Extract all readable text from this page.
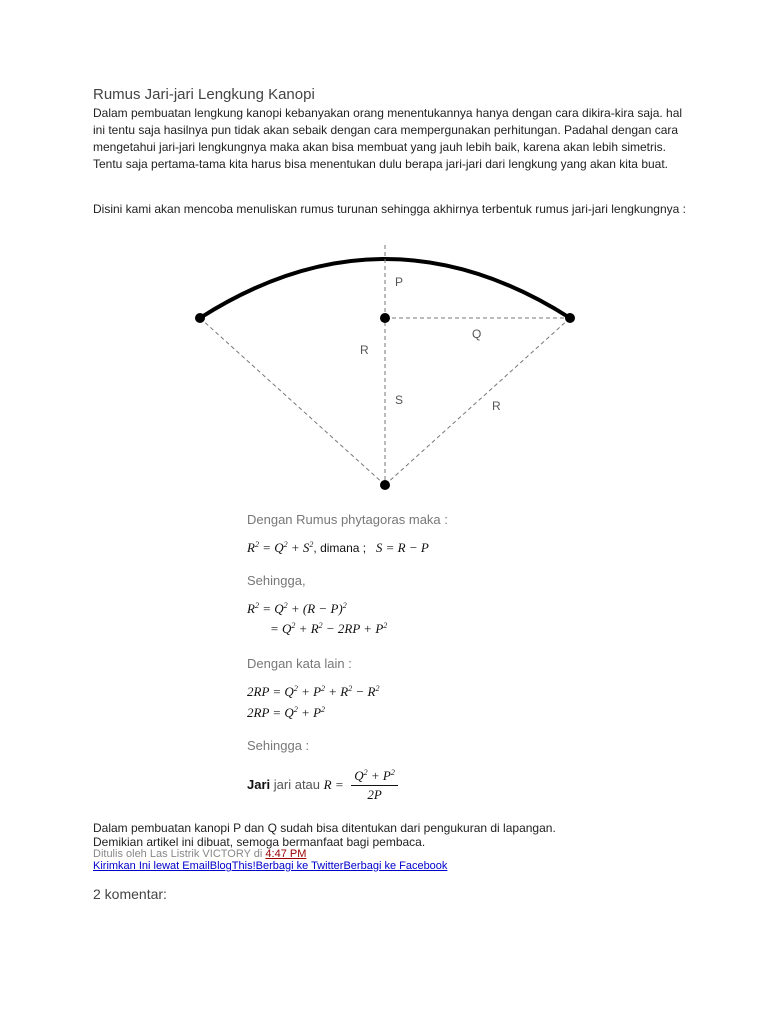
Rumus Jari-jari Lengkung Kanopi

Dalam pembuatan lengkung kanopi kebanyakan orang menentukannya hanya dengan cara dikira-kira saja. hal ini tentu saja hasilnya pun tidak akan sebaik dengan cara mempergunakan perhitungan. Padahal dengan cara mengetahui jari-jari lengkungnya maka akan bisa membuat yang jauh lebih baik, karena akan lebih simetris. Tentu saja pertama-tama kita harus bisa menentukan dulu berapa jari-jari dari lengkung yang akan kita buat.

Disini kami akan mencoba menuliskan rumus turunan sehingga akhirnya terbentuk rumus jari-jari lengkungnya :

P
Q
R
S	R
Dengan Rumus phytagoras maka :
$R^2 = Q^2 + S^2$, dimana ; S = R − P
Sehingga,
$R^2 = Q^2 + (R - P)^2$
= $Q^2 + R^2 - 2RP + P^2$
Dengan kata lain :
$2RP = Q^2 + P^2 + R^2 - R^2$
$2RP = Q^2 + P^2$
Sehingga :
Jari jari atau $R = \frac{Q^2 + P^2}{2P}$

Dalam pembuatan kanopi P dan Q sudah bisa ditentukan dari pengukuran di lapangan.

Demikian artikel ini dibuat, semoga bermanfaat bagi pembaca.

Ditulis oleh Las Listrik VICTORY di 4:47 PM
Kirimkan Ini lewat EmailBlogThis!Berbagi ke TwitterBerbagi ke Facebook
2 komentar:
